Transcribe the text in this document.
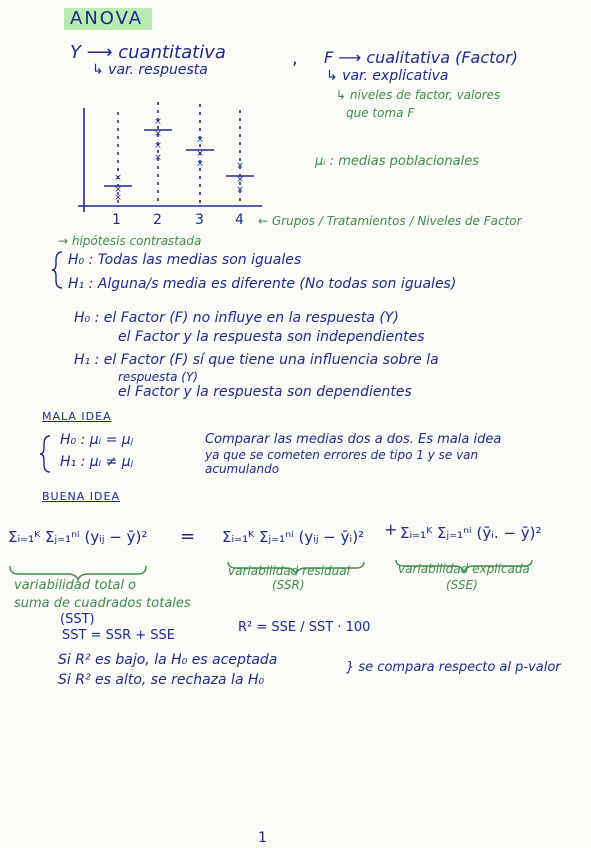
ANOVA
Y ⟶ cuantitativa
↳ var. respuesta
, F ⟶ cualitativa (Factor)
↳ var. explicativa
↳ niveles de factor, valores
que toma F
μᵢ : medias poblacionales
×
×
×
×
×
×
×
×
×
×	×
×
×
1 2 3 4 ← Grupos / Tratamientos / Niveles de Factor
→ hipótesis contrastada
H₀ : Todas las medias son iguales
H₁ : Alguna/s media es diferente (No todas son iguales)
H₀ : el Factor (F) no influye en la respuesta (Y)
el Factor y la respuesta son independientes
H₁ : el Factor (F) sí que tiene una influencia sobre la
respuesta (Y)
el Factor y la respuesta son dependientes
MALA IDEA
H₀ : μᵢ = μⱼ
H₁ : μᵢ ≠ μⱼ
Comparar las medias dos a dos. Es mala idea
ya que se cometen errores de tipo 1 y se van
acumulando
BUENA IDEA
Σᵢ₌₁ᴷ Σⱼ₌₁ⁿⁱ (yᵢⱼ − ȳ)² = Σᵢ₌₁ᴷ Σⱼ₌₁ⁿⁱ (yᵢⱼ − ȳᵢ)² + Σᵢ₌₁ᴷ Σⱼ₌₁ⁿⁱ (ȳᵢ. − ȳ)²
variabilidad total o
suma de cuadrados totales
(SST)
variabilidad residual
(SSR)
variabilidad explicada
(SSE)
SST = SSR + SSE
R² = SSE / SST · 100
Si R² es bajo, la H₀ es aceptada
Si R² es alto, se rechaza la H₀
} se compara respecto al p-valor
1
